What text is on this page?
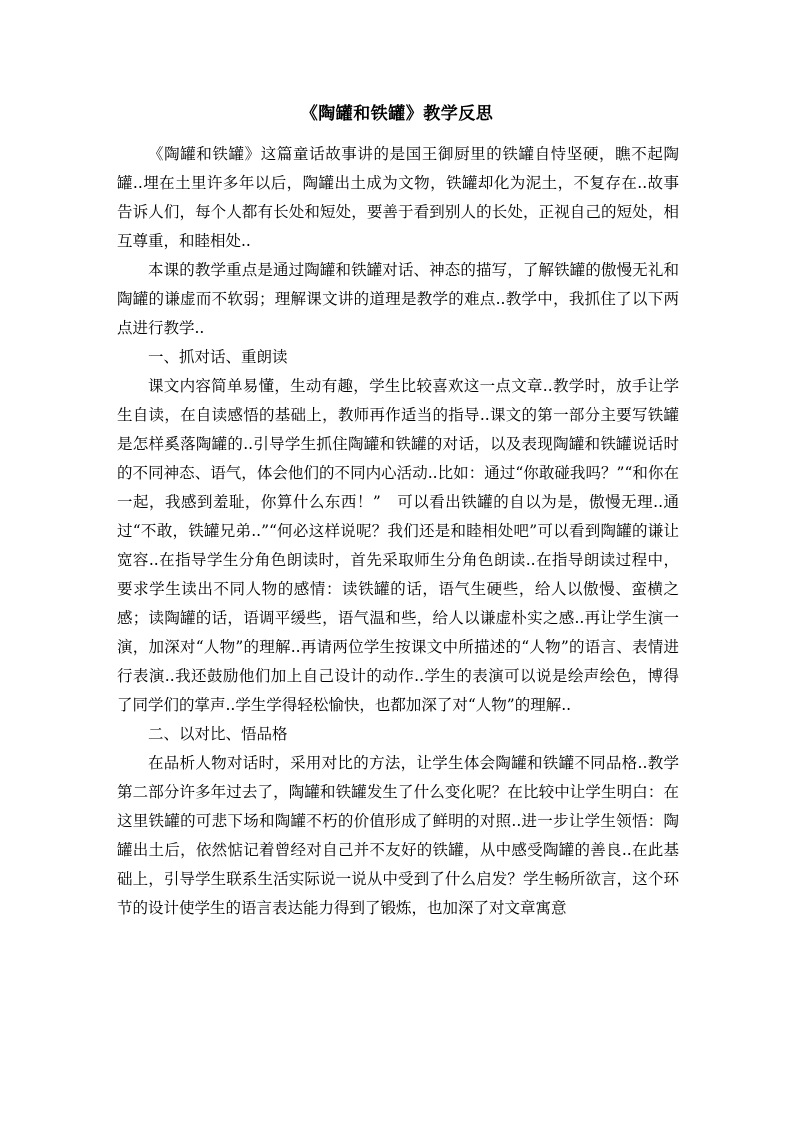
《陶罐和铁罐》教学反思

《陶罐和铁罐》这篇童话故事讲的是国王御厨里的铁罐自恃坚硬，瞧不起陶罐..埋在土里许多年以后，陶罐出土成为文物，铁罐却化为泥土，不复存在..故事告诉人们，每个人都有长处和短处，要善于看到别人的长处，正视自己的短处，相互尊重，和睦相处..

本课的教学重点是通过陶罐和铁罐对话、神态的描写，了解铁罐的傲慢无礼和陶罐的谦虚而不软弱；理解课文讲的道理是教学的难点..教学中，我抓住了以下两点进行教学..

一、抓对话、重朗读

课文内容简单易懂，生动有趣，学生比较喜欢这一点文章..教学时，放手让学生自读，在自读感悟的基础上，教师再作适当的指导..课文的第一部分主要写铁罐是怎样奚落陶罐的..引导学生抓住陶罐和铁罐的对话，以及表现陶罐和铁罐说话时的不同神态、语气，体会他们的不同内心活动..比如：通过“你敢碰我吗？”“和你在一起，我感到羞耻，你算什么东西！”　可以看出铁罐的自以为是，傲慢无理..通过“不敢，铁罐兄弟..”“何必这样说呢？我们还是和睦相处吧”可以看到陶罐的谦让宽容..在指导学生分角色朗读时，首先采取师生分角色朗读..在指导朗读过程中，要求学生读出不同人物的感情：读铁罐的话，语气生硬些，给人以傲慢、蛮横之感；读陶罐的话，语调平缓些，语气温和些，给人以谦虚朴实之感..再让学生演一演，加深对“人物”的理解..再请两位学生按课文中所描述的“人物”的语言、表情进行表演..我还鼓励他们加上自己设计的动作..学生的表演可以说是绘声绘色，博得了同学们的掌声..学生学得轻松愉快，也都加深了对“人物”的理解..

二、以对比、悟品格

在品析人物对话时，采用对比的方法，让学生体会陶罐和铁罐不同品格..教学第二部分许多年过去了，陶罐和铁罐发生了什么变化呢？在比较中让学生明白：在这里铁罐的可悲下场和陶罐不朽的价值形成了鲜明的对照..进一步让学生领悟：陶罐出土后，依然惦记着曾经对自己并不友好的铁罐，从中感受陶罐的善良..在此基础上，引导学生联系生活实际说一说从中受到了什么启发？学生畅所欲言，这个环节的设计使学生的语言表达能力得到了锻炼，也加深了对文章寓意
